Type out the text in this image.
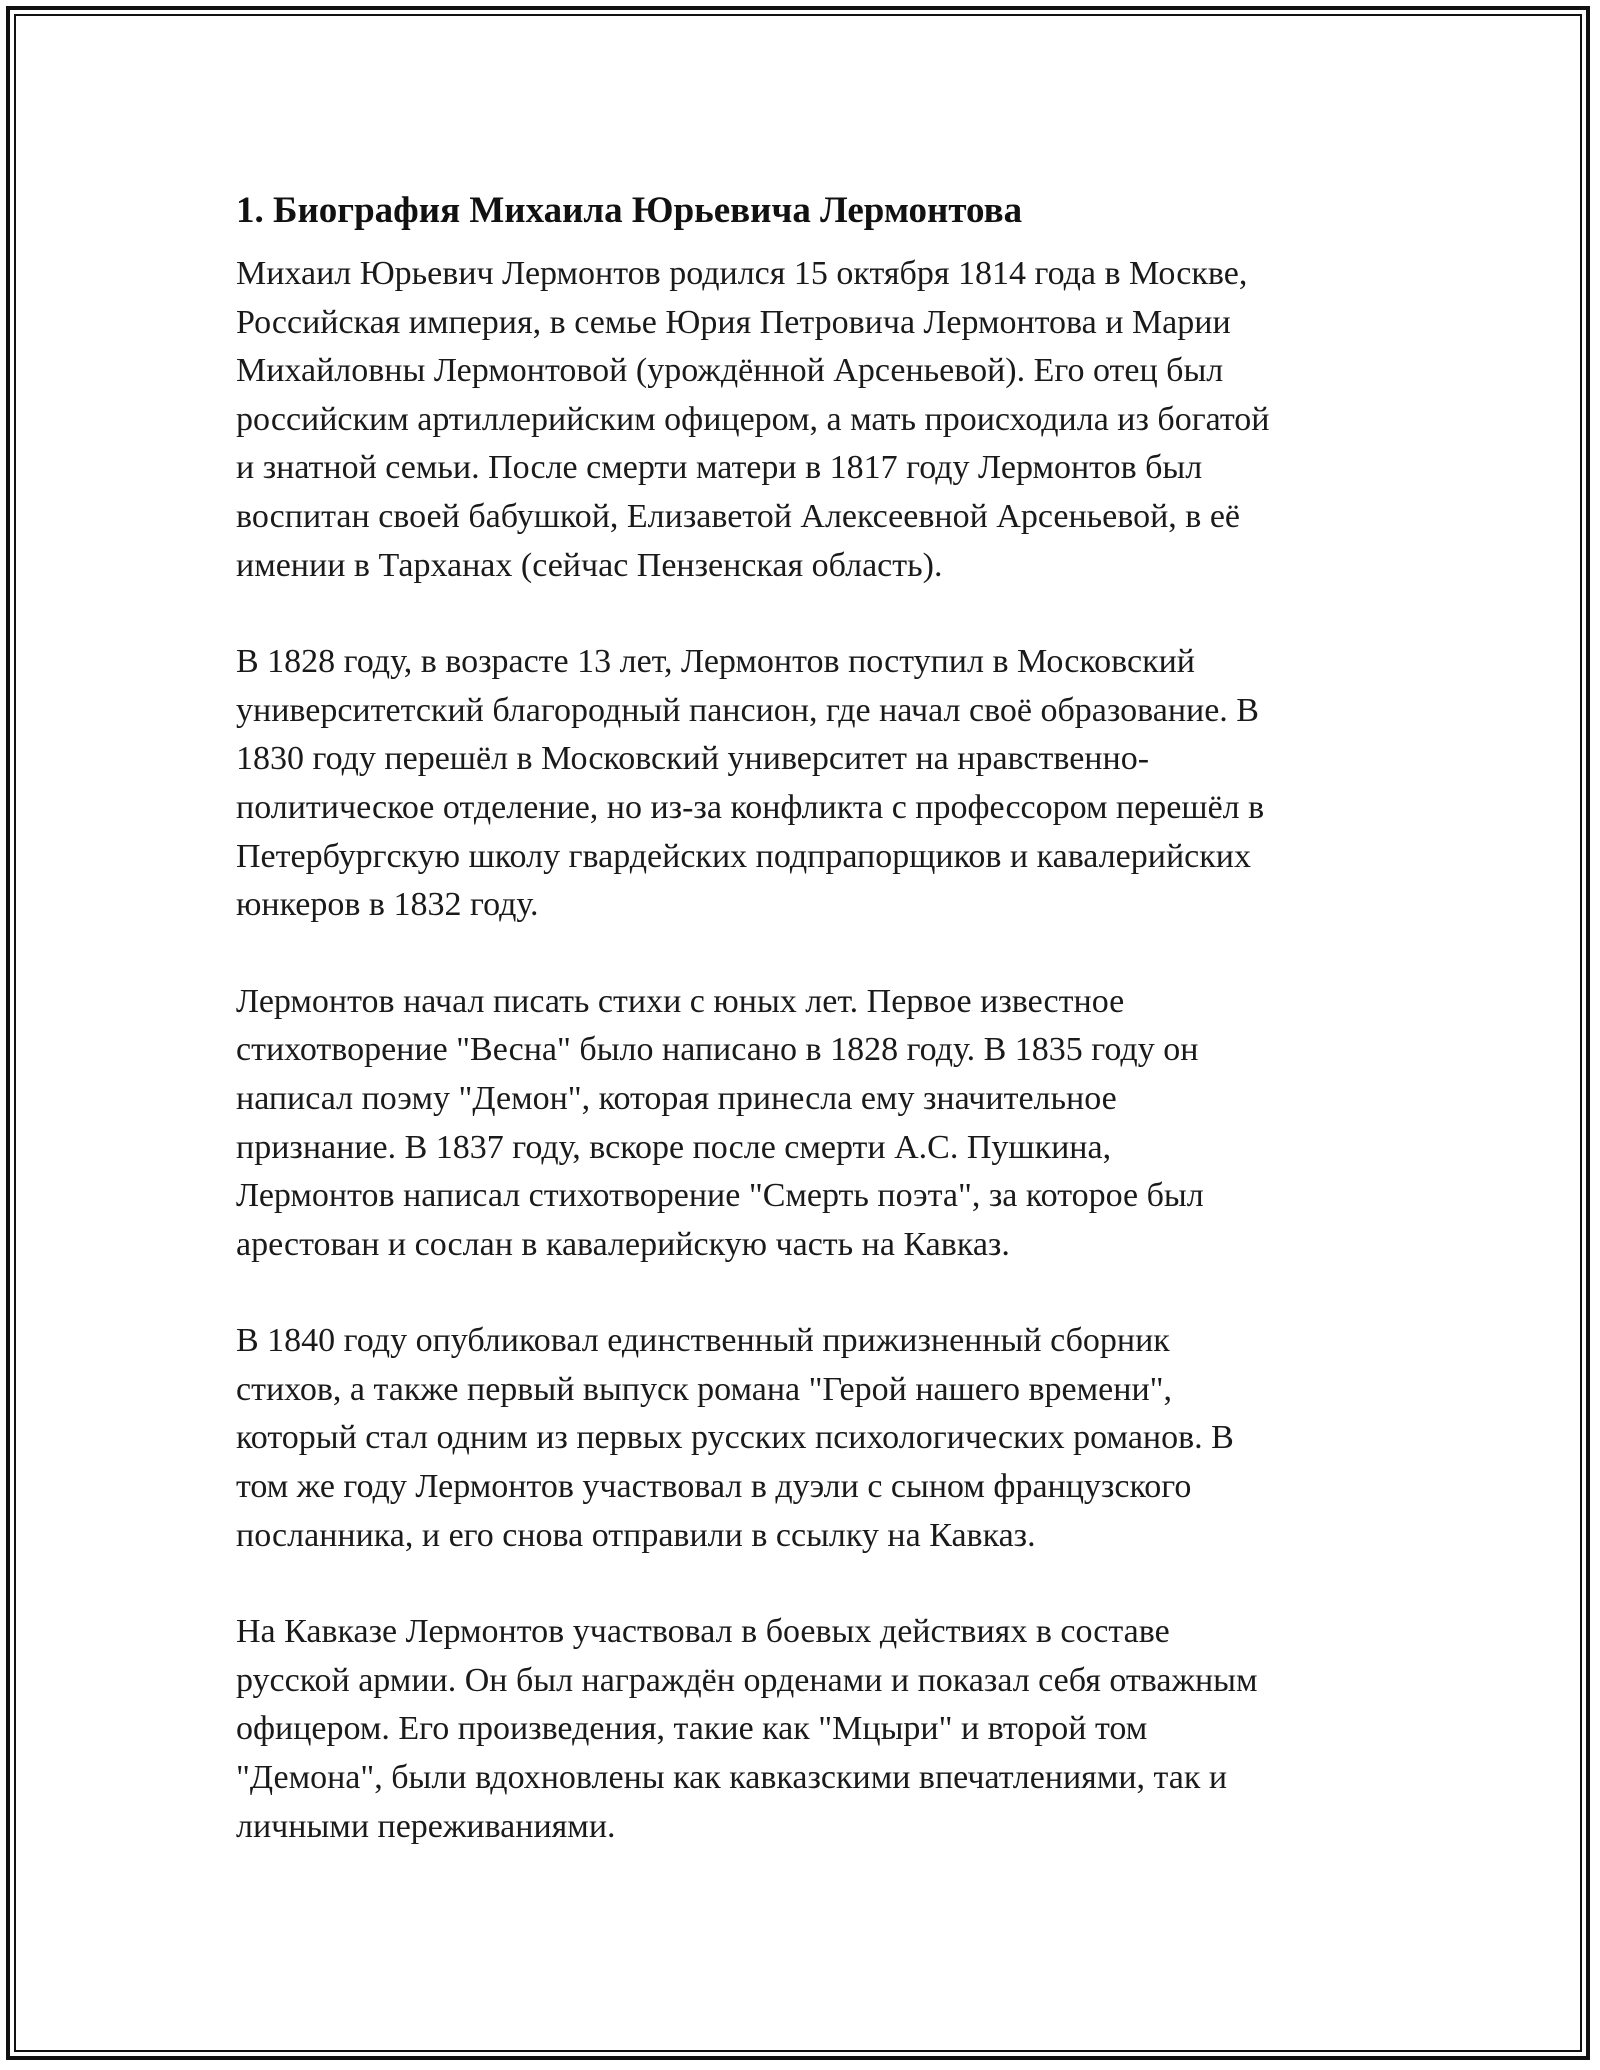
1. Биография Михаила Юрьевича Лермонтова

Михаил Юрьевич Лермонтов родился 15 октября 1814 года в Москве,
Российская империя, в семье Юрия Петровича Лермонтова и Марии
Михайловны Лермонтовой (урождённой Арсеньевой). Его отец был
российским артиллерийским офицером, а мать происходила из богатой
и знатной семьи. После смерти матери в 1817 году Лермонтов был
воспитан своей бабушкой, Елизаветой Алексеевной Арсеньевой, в её
имении в Тарханах (сейчас Пензенская область).

В 1828 году, в возрасте 13 лет, Лермонтов поступил в Московский
университетский благородный пансион, где начал своё образование. В
1830 году перешёл в Московский университет на нравственно-
политическое отделение, но из-за конфликта с профессором перешёл в
Петербургскую школу гвардейских подпрапорщиков и кавалерийских
юнкеров в 1832 году.

Лермонтов начал писать стихи с юных лет. Первое известное
стихотворение "Весна" было написано в 1828 году. В 1835 году он
написал поэму "Демон", которая принесла ему значительное
признание. В 1837 году, вскоре после смерти А.С. Пушкина,
Лермонтов написал стихотворение "Смерть поэта", за которое был
арестован и сослан в кавалерийскую часть на Кавказ.

В 1840 году опубликовал единственный прижизненный сборник
стихов, а также первый выпуск романа "Герой нашего времени",
который стал одним из первых русских психологических романов. В
том же году Лермонтов участвовал в дуэли с сыном французского
посланника, и его снова отправили в ссылку на Кавказ.

На Кавказе Лермонтов участвовал в боевых действиях в составе
русской армии. Он был награждён орденами и показал себя отважным
офицером. Его произведения, такие как "Мцыри" и второй том
"Демона", были вдохновлены как кавказскими впечатлениями, так и
личными переживаниями.
